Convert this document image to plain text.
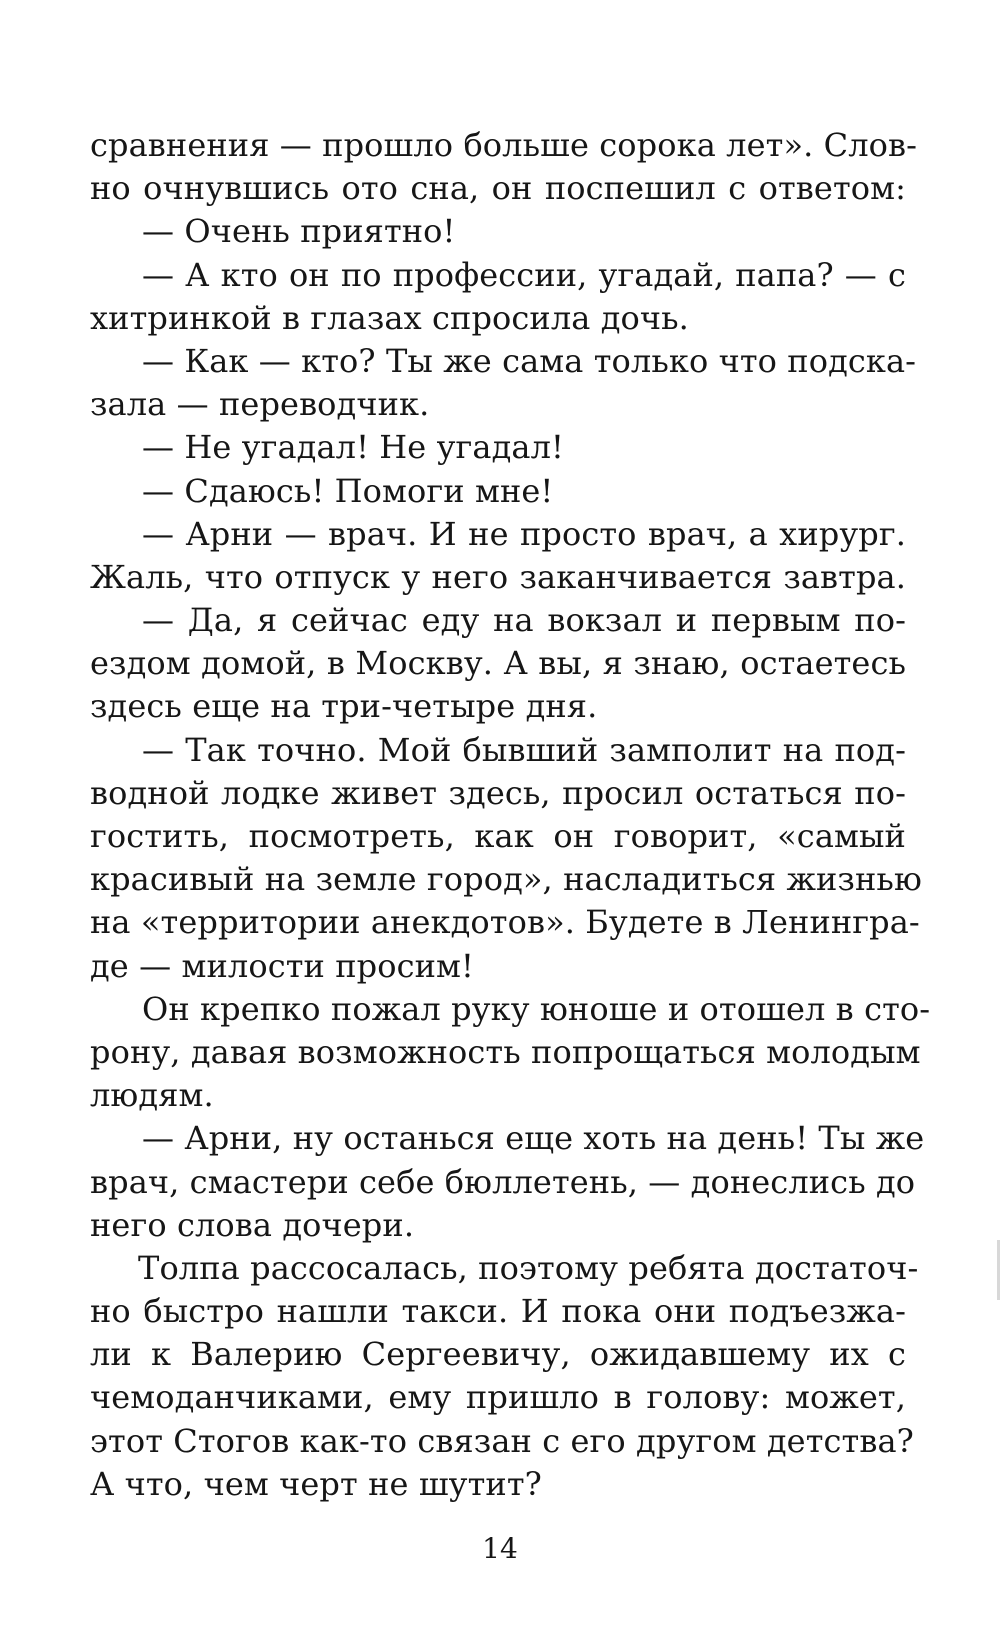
сравнения — прошло больше сорока лет». Слов-
но очнувшись ото сна, он поспешил с ответом:
— Очень приятно!
— А кто он по профессии, угадай, папа? — с
хитринкой в глазах спросила дочь.
— Как — кто? Ты же сама только что подска-
зала — переводчик.
— Не угадал! Не угадал!
— Сдаюсь! Помоги мне!
— Арни — врач. И не просто врач, а хирург.
Жаль, что отпуск у него заканчивается завтра.
— Да, я сейчас еду на вокзал и первым по-
ездом домой, в Москву. А вы, я знаю, остаетесь
здесь еще на три-четыре дня.
— Так точно. Мой бывший замполит на под-
водной лодке живет здесь, просил остаться по-
гостить, посмотреть, как он говорит, «самый
красивый на земле город», насладиться жизнью
на «территории анекдотов». Будете в Ленингра-
де — милости просим!
Он крепко пожал руку юноше и отошел в сто-
рону, давая возможность попрощаться молодым
людям.
— Арни, ну останься еще хоть на день! Ты же
врач, смастери себе бюллетень, — донеслись до
него слова дочери.
Толпа рассосалась, поэтому ребята достаточ-
но быстро нашли такси. И пока они подъезжа-
ли к Валерию Сергеевичу, ожидавшему их с
чемоданчиками, ему пришло в голову: может,
этот Стогов как-то связан с его другом детства?
А что, чем черт не шутит?
14
